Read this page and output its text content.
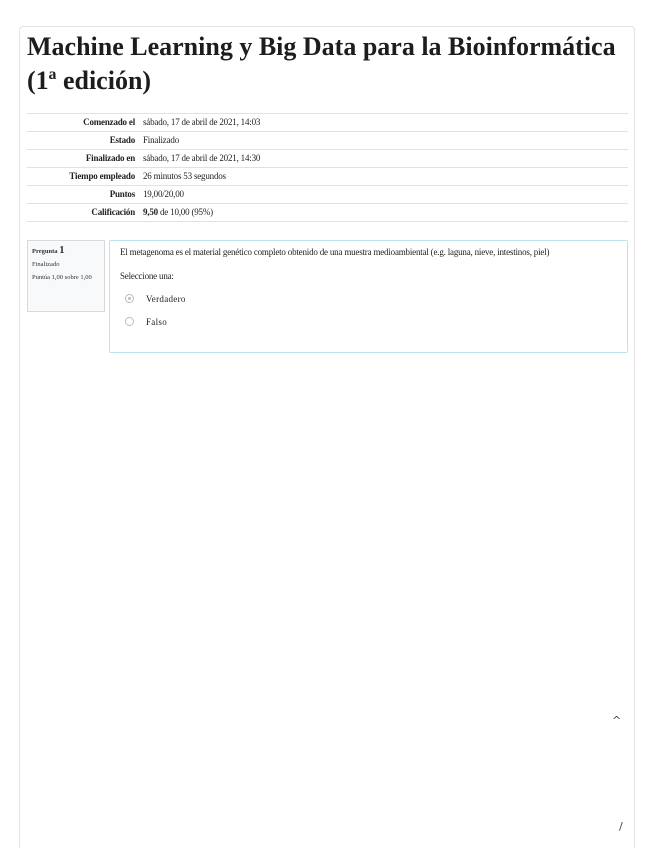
Machine Learning y Big Data para la Bioinformática (1ª edición)
Comenzado el	sábado, 17 de abril de 2021, 14:03
Estado	Finalizado
Finalizado en	sábado, 17 de abril de 2021, 14:30
Tiempo empleado	26 minutos 53 segundos
Puntos	19,00/20,00
Calificación	9,50 de 10,00 (95%)
Pregunta 1
Finalizado
Puntúa 1,00 sobre 1,00

El metagenoma es el material genético completo obtenido de una muestra medioambiental (e.g. laguna, nieve, intestinos, piel)

Seleccione una:

Verdadero
Falso
^
/
